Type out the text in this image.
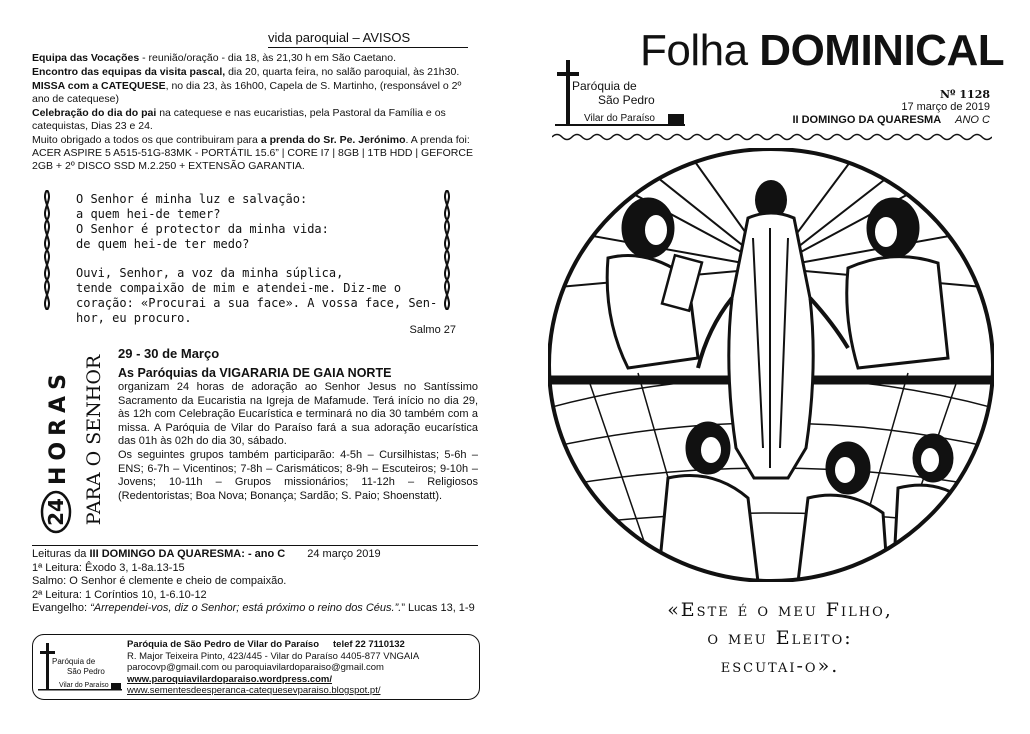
vida paroquial – AVISOS

Equipa das Vocações - reunião/oração - dia 18, às 21,30 h em São Caetano.

Encontro das equipas da visita pascal, dia 20, quarta feira, no salão paroquial, às 21h30.

MISSA com a CATEQUESE, no dia 23, às 16h00, Capela de S. Martinho, (responsável o 2º ano de catequese)

Celebração do dia do pai na catequese e nas eucaristias, pela Pastoral da Família e os catequistas, Dias 23 e 24.

Muito obrigado a todos os que contribuiram para a prenda do Sr. Pe. Jerónimo. A prenda foi: ACER ASPIRE 5 A515-51G-83MK - PORTÁTIL 15.6” | CORE I7 | 8GB | 1TB HDD | GEFORCE 2GB + 2º DISCO SSD M.2.250 + EXTENSÃO GARANTIA.

O Senhor é minha luz e salvação:
a quem hei-de temer?
O Senhor é protector da minha vida:
de quem hei-de ter medo?
Ouvi, Senhor, a voz da minha súplica,
tende compaixão de mim e atendei-me. Diz-me o
coração: «Procurai a sua face». A vossa face, Sen-
hor, eu procuro.
Salmo 27
24
HORAS PARA O SENHOR
29 - 30 de Março
As Paróquias da VIGARARIA DE GAIA NORTE
organizam 24 horas de adoração ao Senhor Jesus no Santíssimo Sacramento da Eucaristia na Igreja de Mafamude. Terá início no dia 29, às 12h com Celebração Eucarística e terminará no dia 30 também com a missa. A Paróquia de Vilar do Paraíso fará a sua adoração eucarística das 01h às 02h do dia 30, sábado.
Os seguintes grupos também participarão: 4-5h – Cursilhistas; 5-6h – ENS; 6-7h – Vicentinos; 7-8h – Carismáticos; 8-9h – Escuteiros; 9-10h – Jovens; 10-11h – Grupos missionários; 11-12h – Religiosos (Redentoristas; Boa Nova; Bonança; Sardão; S. Paio; Shoenstatt).
Leituras da III DOMINGO DA QUARESMA: - ano C 24 março 2019
1ª Leitura: Êxodo 3, 1-8a.13-15
Salmo: O Senhor é clemente e cheio de compaixão.
2ª Leitura: 1 Coríntios 10, 1-6.10-12
Evangelho: “Arrependei-vos, diz o Senhor; está próximo o reino dos Céus.”.” Lucas 13, 1-9
Paróquia de
São Pedro
Vilar do Paraíso
Paróquia de São Pedro de Vilar do Paraíso telef 22 7110132
R. Major Teixeira Pinto, 423/445 - Vilar do Paraíso 4405-877 VNGAIA
parocovp@gmail.com ou paroquiavilardoparaiso@gmail.com
www.paroquiavilardoparaiso.wordpress.com/
www.sementesdeesperanca-catequesevparaiso.blogspot.pt/
Folha DOMINICAL
Paróquia de
São Pedro
Vilar do Paraíso
Nº 1128
17 março de 2019
II DOMINGO DA QUARESMA ANO C
«Este é o meu Filho,
o meu Eleito:
escutai-o».
